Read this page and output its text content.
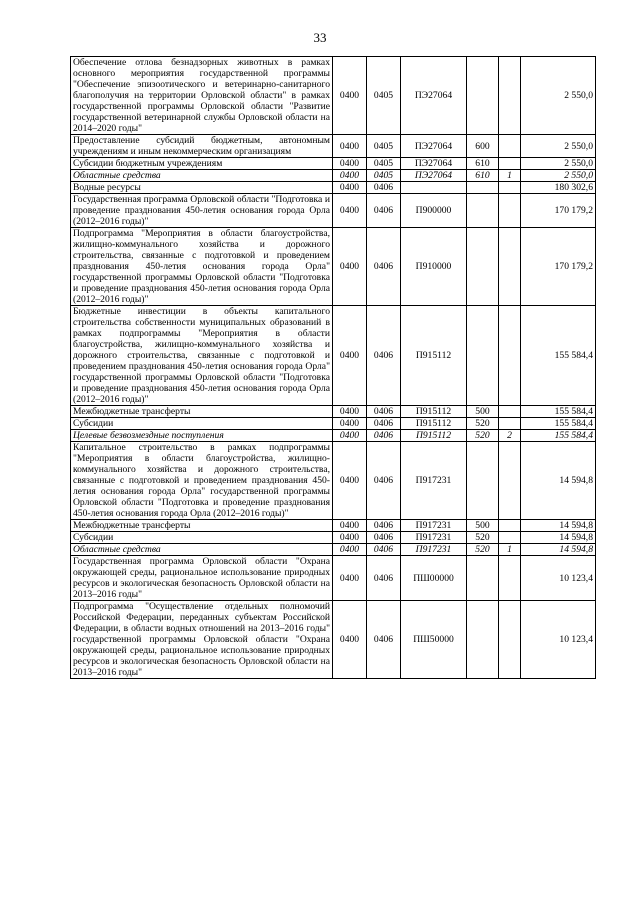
33
Обеспечение отлова безнадзорных животных в рамках основного мероприятия государственной программы "Обеспечение эпизоотического и ветеринарно-санитарного благополучия на территории Орловской области" в рамках государственной программы Орловской области "Развитие государственной ветеринарной службы Орловской области на 2014–2020 годы"	0400	0405	ПЭ27064			2 550,0
Предоставление субсидий бюджетным, автономным учреждениям и иным некоммерческим организациям	0400	0405	ПЭ27064	600		2 550,0
Субсидии бюджетным учреждениям	0400	0405	ПЭ27064	610		2 550,0
Областные средства	0400	0405	ПЭ27064	610	1	2 550,0
Водные ресурсы	0400	0406				180 302,6
Государственная программа Орловской области "Подготовка и проведение празднования 450-летия основания города Орла (2012–2016 годы)"	0400	0406	П900000			170 179,2
Подпрограмма "Мероприятия в области благоустройства, жилищно-коммунального хозяйства и дорожного строительства, связанные с подготовкой и проведением празднования 450-летия основания города Орла" государственной программы Орловской области "Подготовка и проведение празднования 450-летия основания города Орла (2012–2016 годы)"	0400	0406	П910000			170 179,2
Бюджетные инвестиции в объекты капитального строительства собственности муниципальных образований в рамках подпрограммы "Мероприятия в области благоустройства, жилищно-коммунального хозяйства и дорожного строительства, связанные с подготовкой и проведением празднования 450-летия основания города Орла" государственной программы Орловской области "Подготовка и проведение празднования 450-летия основания города Орла (2012–2016 годы)"	0400	0406	П915112			155 584,4
Межбюджетные трансферты	0400	0406	П915112	500		155 584,4
Субсидии	0400	0406	П915112	520		155 584,4
Целевые безвозмездные поступления	0400	0406	П915112	520	2	155 584,4
Капитальное строительство в рамках подпрограммы "Мероприятия в области благоустройства, жилищно-коммунального хозяйства и дорожного строительства, связанные с подготовкой и проведением празднования 450-летия основания города Орла" государственной программы Орловской области "Подготовка и проведение празднования 450-летия основания города Орла (2012–2016 годы)"	0400	0406	П917231			14 594,8
Межбюджетные трансферты	0400	0406	П917231	500		14 594,8
Субсидии	0400	0406	П917231	520		14 594,8
Областные средства	0400	0406	П917231	520	1	14 594,8
Государственная программа Орловской области "Охрана окружающей среды, рациональное использование природных ресурсов и экологическая безопасность Орловской области на 2013–2016 годы"	0400	0406	ПШ00000			10 123,4
Подпрограмма "Осуществление отдельных полномочий Российской Федерации, переданных субъектам Российской Федерации, в области водных отношений на 2013–2016 годы" государственной программы Орловской области "Охрана окружающей среды, рациональное использование природных ресурсов и экологическая безопасность Орловской области на 2013–2016 годы"	0400	0406	ПШ50000			10 123,4
